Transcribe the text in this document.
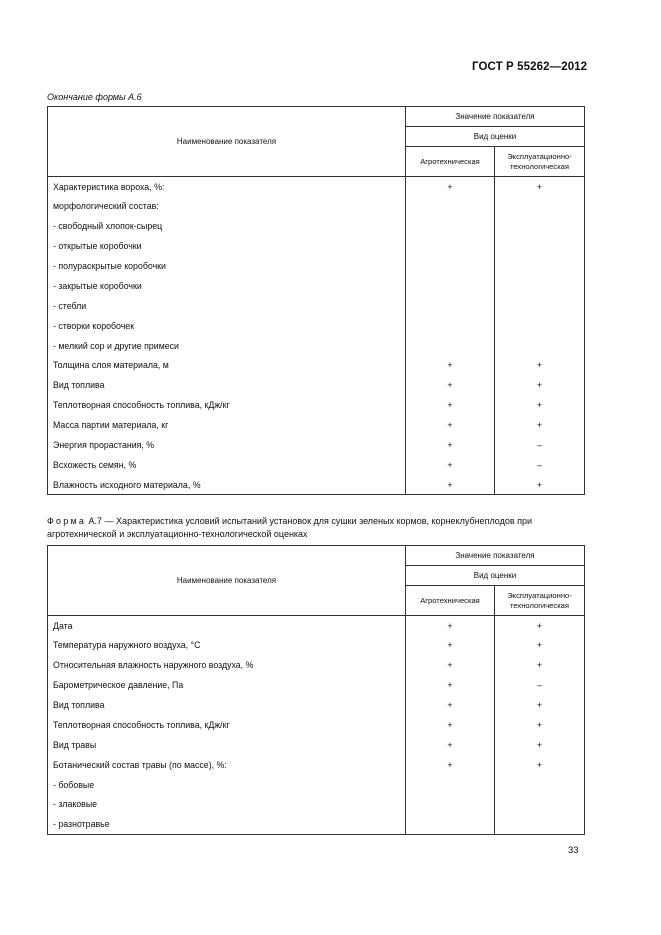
ГОСТ Р 55262—2012
Окончание формы А.6
Наименование показателя	Значение показателя	
	Вид оценки	
	Агротехническая	Эксплуатационно-
технологическая

Характеристика вороха, %:	+	+
морфологический состав:		
- свободный хлопок-сырец		
- открытые коробочки		
- полураскрытые коробочки		
- закрытые коробочки		
- стебли		
- створки коробочек		
- мелкий сор и другие примеси		
Толщина слоя материала, м	+	+
Вид топлива	+	+
Теплотворная способность топлива, кДж/кг	+	+
Масса партии материала, кг	+	+
Энергия прорастания, %	+	–
Всхожесть семян, %	+	–
Влажность исходного материала, %	+	+
Форма А.7 — Характеристика условий испытаний установок для сушки зеленых кормов, корнеклубнеплодов при агротехнической и эксплуатационно-технологической оценках
Наименование показателя	Значение показателя	
	Вид оценки	
	Агротехническая	Эксплуатационно-
технологическая

Дата	+	+
Температура наружного воздуха, °С	+	+
Относительная влажность наружного воздуха, %	+	+
Барометрическое давление, Па	+	–
Вид топлива	+	+
Теплотворная способность топлива, кДж/кг	+	+
Вид травы	+	+
Ботанический состав травы (по массе), %:	+	+
- бобовые		
- злаковые		
- разнотравье		
33
